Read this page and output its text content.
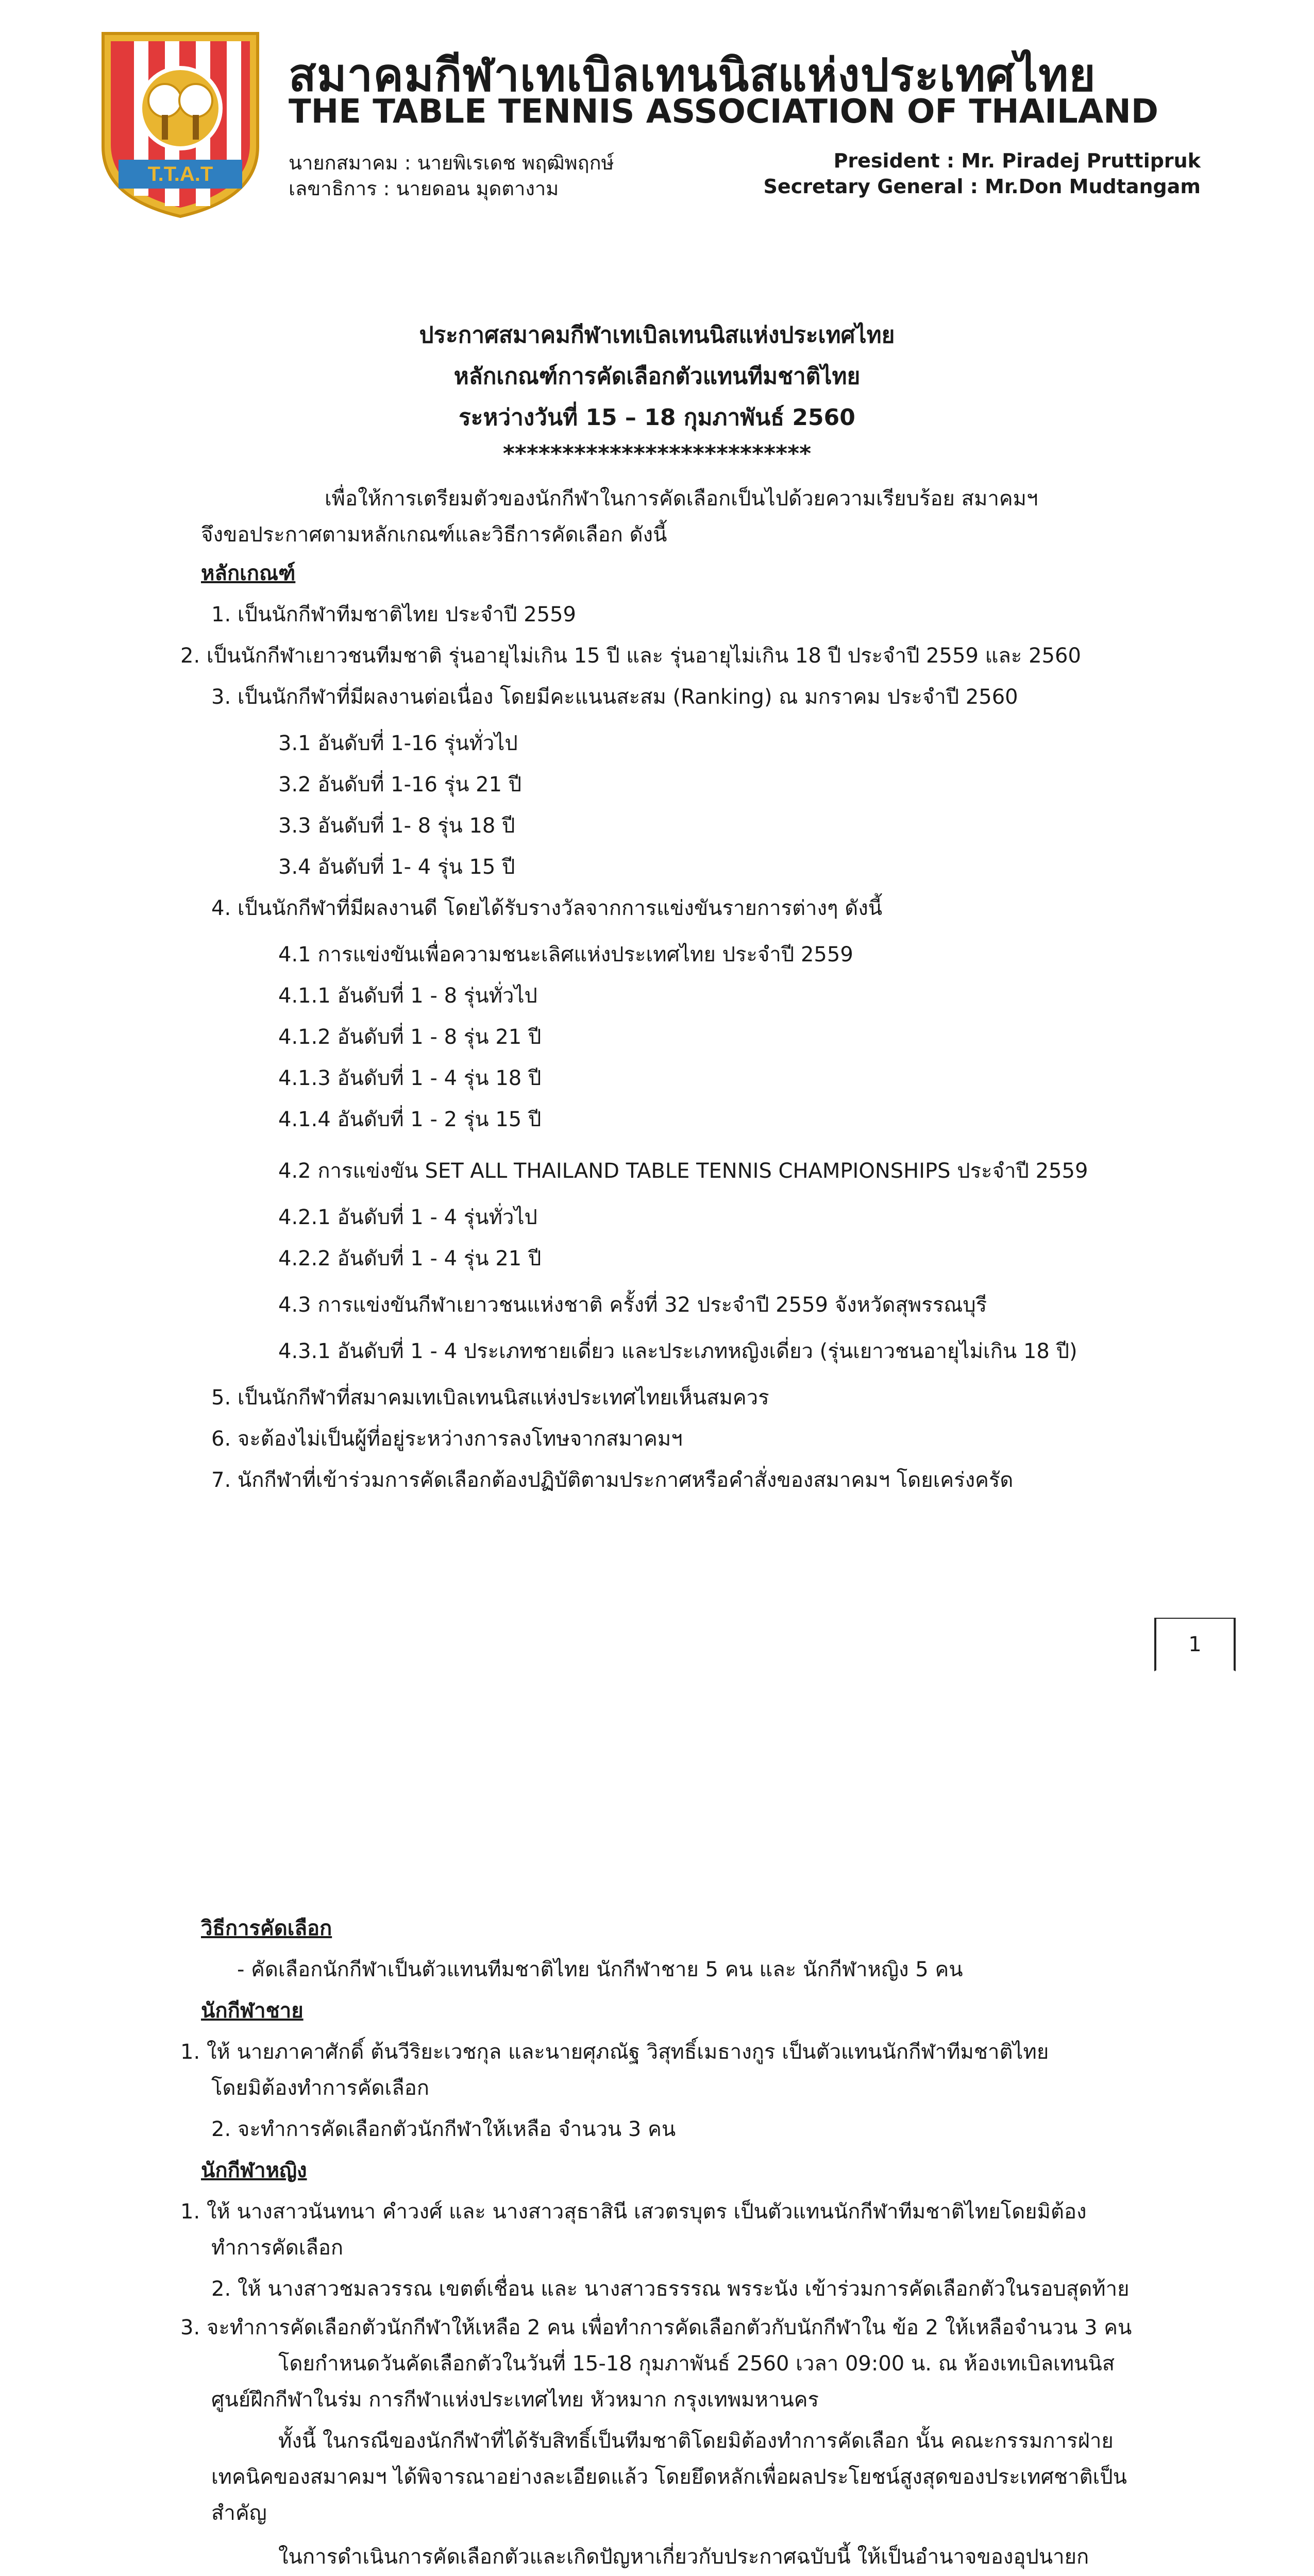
T.T.A.T
สมาคมกีฬาเทเบิลเทนนิสแห่งประเทศไทย
THE TABLE TENNIS ASSOCIATION OF THAILAND
นายกสมาคม : นายพิเรเดช พฤฒิพฤกษ์
เลขาธิการ : นายดอน มุดตางาม
President : Mr. Piradej Pruttipruk
Secretary General : Mr.Don Mudtangam
ประกาศสมาคมกีฬาเทเบิลเทนนิสแห่งประเทศไทย
หลักเกณฑ์การคัดเลือกตัวแทนทีมชาติไทย
ระหว่างวันที่ 15 – 18 กุมภาพันธ์ 2560
**************************
เพื่อให้การเตรียมตัวของนักกีฬาในการคัดเลือกเป็นไปด้วยความเรียบร้อย สมาคมฯ
จึงขอประกาศตามหลักเกณฑ์และวิธีการคัดเลือก ดังนี้
หลักเกณฑ์
1. เป็นนักกีฬาทีมชาติไทย ประจำปี 2559
2. เป็นนักกีฬาเยาวชนทีมชาติ รุ่นอายุไม่เกิน 15 ปี และ รุ่นอายุไม่เกิน 18 ปี ประจำปี 2559 และ 2560
3. เป็นนักกีฬาที่มีผลงานต่อเนื่อง โดยมีคะแนนสะสม (Ranking) ณ มกราคม ประจำปี 2560
3.1 อันดับที่ 1-16 รุ่นทั่วไป
3.2 อันดับที่ 1-16 รุ่น 21 ปี
3.3 อันดับที่ 1- 8 รุ่น 18 ปี
3.4 อันดับที่ 1- 4 รุ่น 15 ปี
4. เป็นนักกีฬาที่มีผลงานดี โดยได้รับรางวัลจากการแข่งขันรายการต่างๆ ดังนี้
4.1 การแข่งขันเพื่อความชนะเลิศแห่งประเทศไทย ประจำปี 2559
4.1.1 อันดับที่ 1 - 8 รุ่นทั่วไป
4.1.2 อันดับที่ 1 - 8 รุ่น 21 ปี
4.1.3 อันดับที่ 1 - 4 รุ่น 18 ปี
4.1.4 อันดับที่ 1 - 2 รุ่น 15 ปี
4.2 การแข่งขัน SET ALL THAILAND TABLE TENNIS CHAMPIONSHIPS ประจำปี 2559
4.2.1 อันดับที่ 1 - 4 รุ่นทั่วไป
4.2.2 อันดับที่ 1 - 4 รุ่น 21 ปี
4.3 การแข่งขันกีฬาเยาวชนแห่งชาติ ครั้งที่ 32 ประจำปี 2559 จังหวัดสุพรรณบุรี
4.3.1 อันดับที่ 1 - 4 ประเภทชายเดี่ยว และประเภทหญิงเดี่ยว (รุ่นเยาวชนอายุไม่เกิน 18 ปี)
5. เป็นนักกีฬาที่สมาคมเทเบิลเทนนิสแห่งประเทศไทยเห็นสมควร
6. จะต้องไม่เป็นผู้ที่อยู่ระหว่างการลงโทษจากสมาคมฯ
7. นักกีฬาที่เข้าร่วมการคัดเลือกต้องปฏิบัติตามประกาศหรือคำสั่งของสมาคมฯ โดยเคร่งครัด
1
วิธีการคัดเลือก
- คัดเลือกนักกีฬาเป็นตัวแทนทีมชาติไทย นักกีฬาชาย 5 คน และ นักกีฬาหญิง 5 คน
นักกีฬาชาย
1. ให้ นายภาคาศักดิ์ ต้นวีริยะเวชกุล และนายศุภณัฐ วิสุทธิ์เมธางกูร เป็นตัวแทนนักกีฬาทีมชาติไทย
โดยมิต้องทำการคัดเลือก
2. จะทำการคัดเลือกตัวนักกีฬาให้เหลือ จำนวน 3 คน
นักกีฬาหญิง
1. ให้ นางสาวนันทนา คำวงศ์ และ นางสาวสุธาสินี เสวตรบุตร เป็นตัวแทนนักกีฬาทีมชาติไทยโดยมิต้อง
ทำการคัดเลือก
2. ให้ นางสาวชมลวรรณ เขตต์เชื่อน และ นางสาวธรรรณ พรระนัง เข้าร่วมการคัดเลือกตัวในรอบสุดท้าย
3. จะทำการคัดเลือกตัวนักกีฬาให้เหลือ 2 คน เพื่อทำการคัดเลือกตัวกับนักกีฬาใน ข้อ 2 ให้เหลือจำนวน 3 คน
โดยกำหนดวันคัดเลือกตัวในวันที่ 15-18 กุมภาพันธ์ 2560 เวลา 09:00 น. ณ ห้องเทเบิลเทนนิส
ศูนย์ฝึกกีฬาในร่ม การกีฬาแห่งประเทศไทย หัวหมาก กรุงเทพมหานคร
ทั้งนี้ ในกรณีของนักกีฬาที่ได้รับสิทธิ์เป็นทีมชาติโดยมิต้องทำการคัดเลือก นั้น คณะกรรมการฝ่าย
เทคนิคของสมาคมฯ ได้พิจารณาอย่างละเอียดแล้ว โดยยึดหลักเพื่อผลประโยชน์สูงสุดของประเทศชาติเป็น
สำคัญ
ในการดำเนินการคัดเลือกตัวและเกิดปัญหาเกี่ยวกับประกาศฉบับนี้ ให้เป็นอำนาจของอุปนายก
